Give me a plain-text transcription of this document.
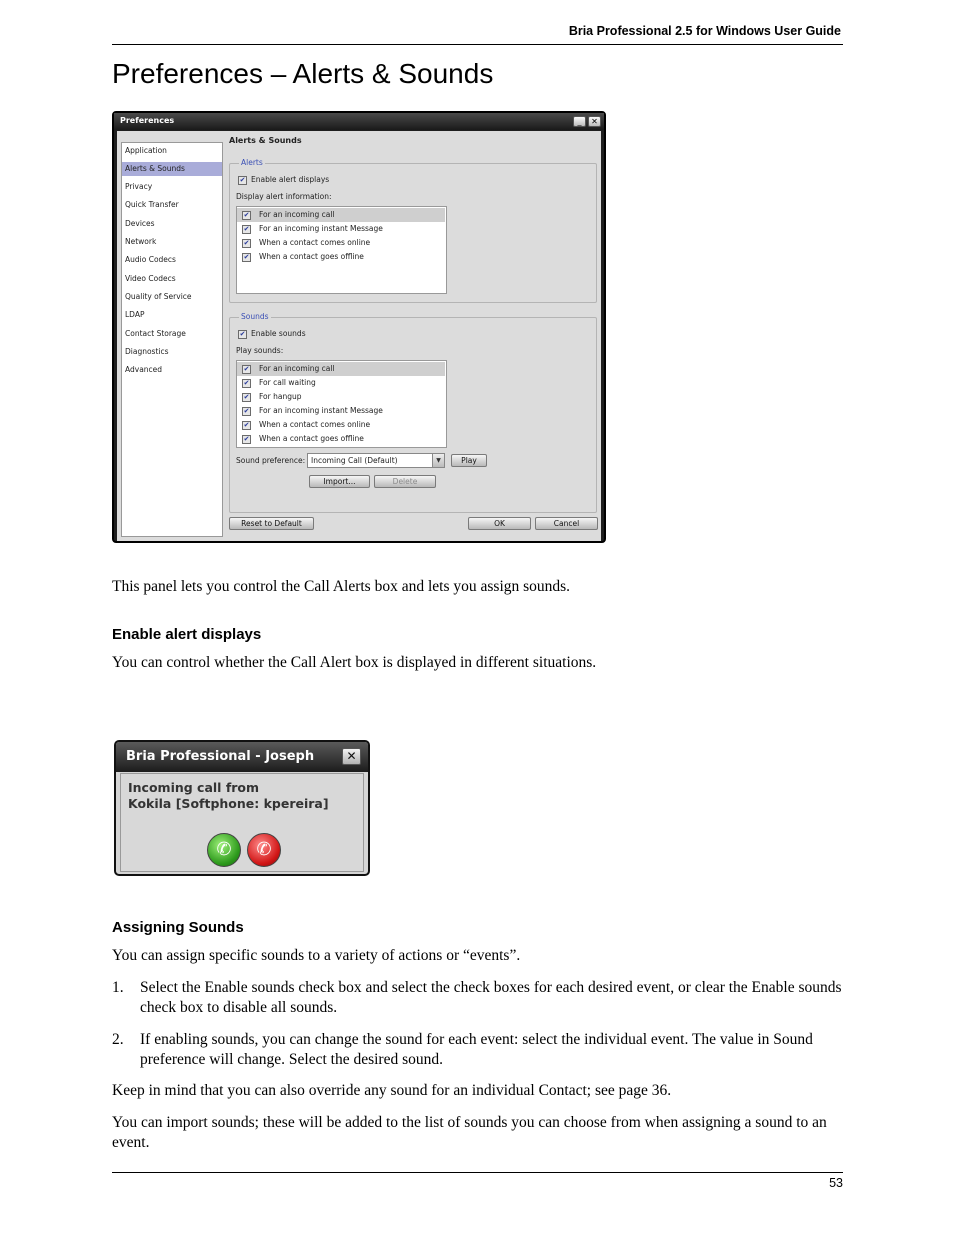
Bria Professional 2.5 for Windows User Guide
Preferences – Alerts & Sounds
Preferences	_	✕
Application
Alerts & Sounds
Privacy
Quick Transfer
Devices
Network
Audio Codecs
Video Codecs
Quality of Service
LDAP
Contact Storage
Diagnostics
Advanced
Alerts & Sounds
Alerts
✔ Enable alert displays
Display alert information:
✔ For an incoming call
✔ For an incoming instant Message
✔ When a contact comes online
✔ When a contact goes offline
Sounds
✔ Enable sounds
Play sounds:
✔ For an incoming call
✔ For call waiting
✔ For hangup
✔ For an incoming instant Message
✔ When a contact comes online
✔ When a contact goes offline
Sound preference: Incoming Call (Default)	▼	Play
Import...	Delete
Reset to Default	OK	Cancel

This panel lets you control the Call Alerts box and lets you assign sounds.

Enable alert displays

You can control whether the Call Alert box is displayed in different situations.

Bria Professional - Joseph	✕
Incoming call from
Kokila [Softphone: kpereira]
✆	✆
Assigning Sounds

You can assign specific sounds to a variety of actions or “events”.

1. Select the Enable sounds check box and select the check boxes for each desired event, or clear the Enable sounds check box to disable all sounds.
2. If enabling sounds, you can change the sound for each event: select the individual event. The value in Sound preference will change. Select the desired sound.

Keep in mind that you can also override any sound for an individual Contact; see page 36.

You can import sounds; these will be added to the list of sounds you can choose from when assigning a sound to an event.

53
